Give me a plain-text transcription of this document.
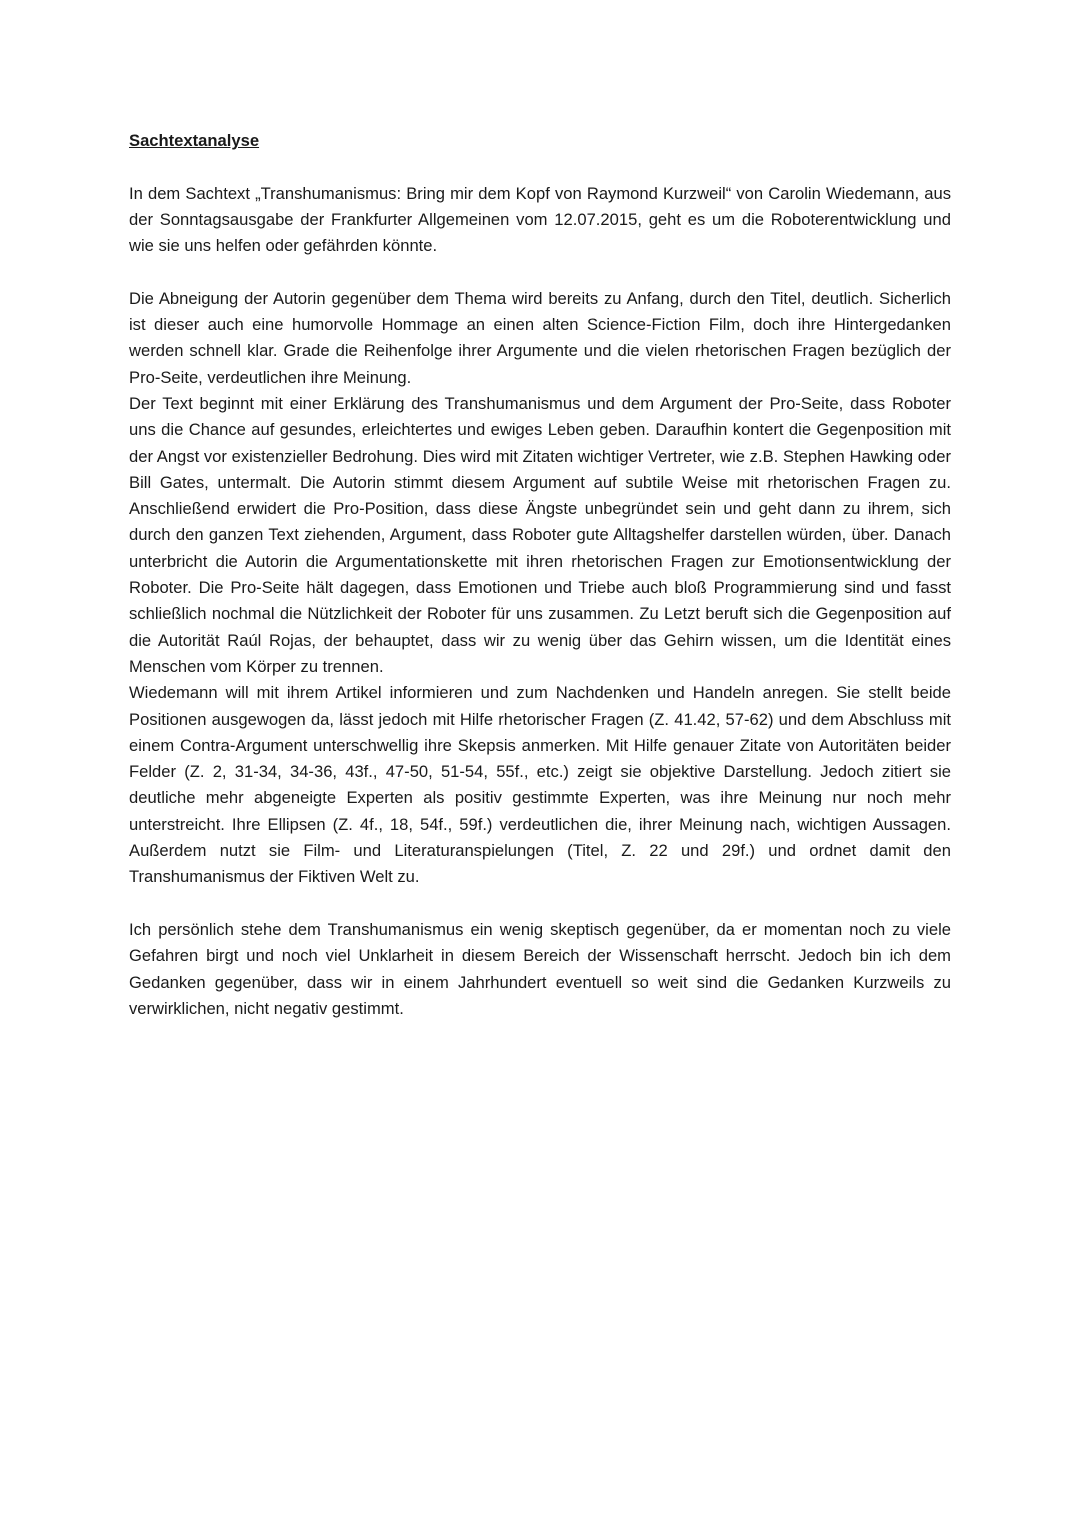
Sachtextanalyse

In dem Sachtext „Transhumanismus: Bring mir dem Kopf von Raymond Kurzweil“ von Carolin Wiedemann, aus der Sonntagsausgabe der Frankfurter Allgemeinen vom 12.07.2015, geht es um die Roboterentwicklung und wie sie uns helfen oder gefährden könnte.

Die Abneigung der Autorin gegenüber dem Thema wird bereits zu Anfang, durch den Titel, deutlich. Sicherlich ist dieser auch eine humorvolle Hommage an einen alten Science-Fiction Film, doch ihre Hintergedanken werden schnell klar. Grade die Reihenfolge ihrer Argumente und die vielen rhetorischen Fragen bezüglich der Pro-Seite, verdeutlichen ihre Meinung.

Der Text beginnt mit einer Erklärung des Transhumanismus und dem Argument der Pro-Seite, dass Roboter uns die Chance auf gesundes, erleichtertes und ewiges Leben geben. Daraufhin kontert die Gegenposition mit der Angst vor existenzieller Bedrohung. Dies wird mit Zitaten wichtiger Vertreter, wie z.B. Stephen Hawking oder Bill Gates, untermalt. Die Autorin stimmt diesem Argument auf subtile Weise mit rhetorischen Fragen zu. Anschließend erwidert die Pro-Position, dass diese Ängste unbegründet sein und geht dann zu ihrem, sich durch den ganzen Text ziehenden, Argument, dass Roboter gute Alltagshelfer darstellen würden, über. Danach unterbricht die Autorin die Argumentationskette mit ihren rhetorischen Fragen zur Emotionsentwicklung der Roboter. Die Pro-Seite hält dagegen, dass Emotionen und Triebe auch bloß Programmierung sind und fasst schließlich nochmal die Nützlichkeit der Roboter für uns zusammen. Zu Letzt beruft sich die Gegenposition auf die Autorität Raúl Rojas, der behauptet, dass wir zu wenig über das Gehirn wissen, um die Identität eines Menschen vom Körper zu trennen.

Wiedemann will mit ihrem Artikel informieren und zum Nachdenken und Handeln anregen. Sie stellt beide Positionen ausgewogen da, lässt jedoch mit Hilfe rhetorischer Fragen (Z. 41.42, 57-62) und dem Abschluss mit einem Contra-Argument unterschwellig ihre Skepsis anmerken. Mit Hilfe genauer Zitate von Autoritäten beider Felder (Z. 2, 31-34, 34-36, 43f., 47-50, 51-54, 55f., etc.) zeigt sie objektive Darstellung. Jedoch zitiert sie deutliche mehr abgeneigte Experten als positiv gestimmte Experten, was ihre Meinung nur noch mehr unterstreicht. Ihre Ellipsen (Z. 4f., 18, 54f., 59f.) verdeutlichen die, ihrer Meinung nach, wichtigen Aussagen. Außerdem nutzt sie Film- und Literaturanspielungen (Titel, Z. 22 und 29f.) und ordnet damit den Transhumanismus der Fiktiven Welt zu.

Ich persönlich stehe dem Transhumanismus ein wenig skeptisch gegenüber, da er momentan noch zu viele Gefahren birgt und noch viel Unklarheit in diesem Bereich der Wissenschaft herrscht. Jedoch bin ich dem Gedanken gegenüber, dass wir in einem Jahrhundert eventuell so weit sind die Gedanken Kurzweils zu verwirklichen, nicht negativ gestimmt.
